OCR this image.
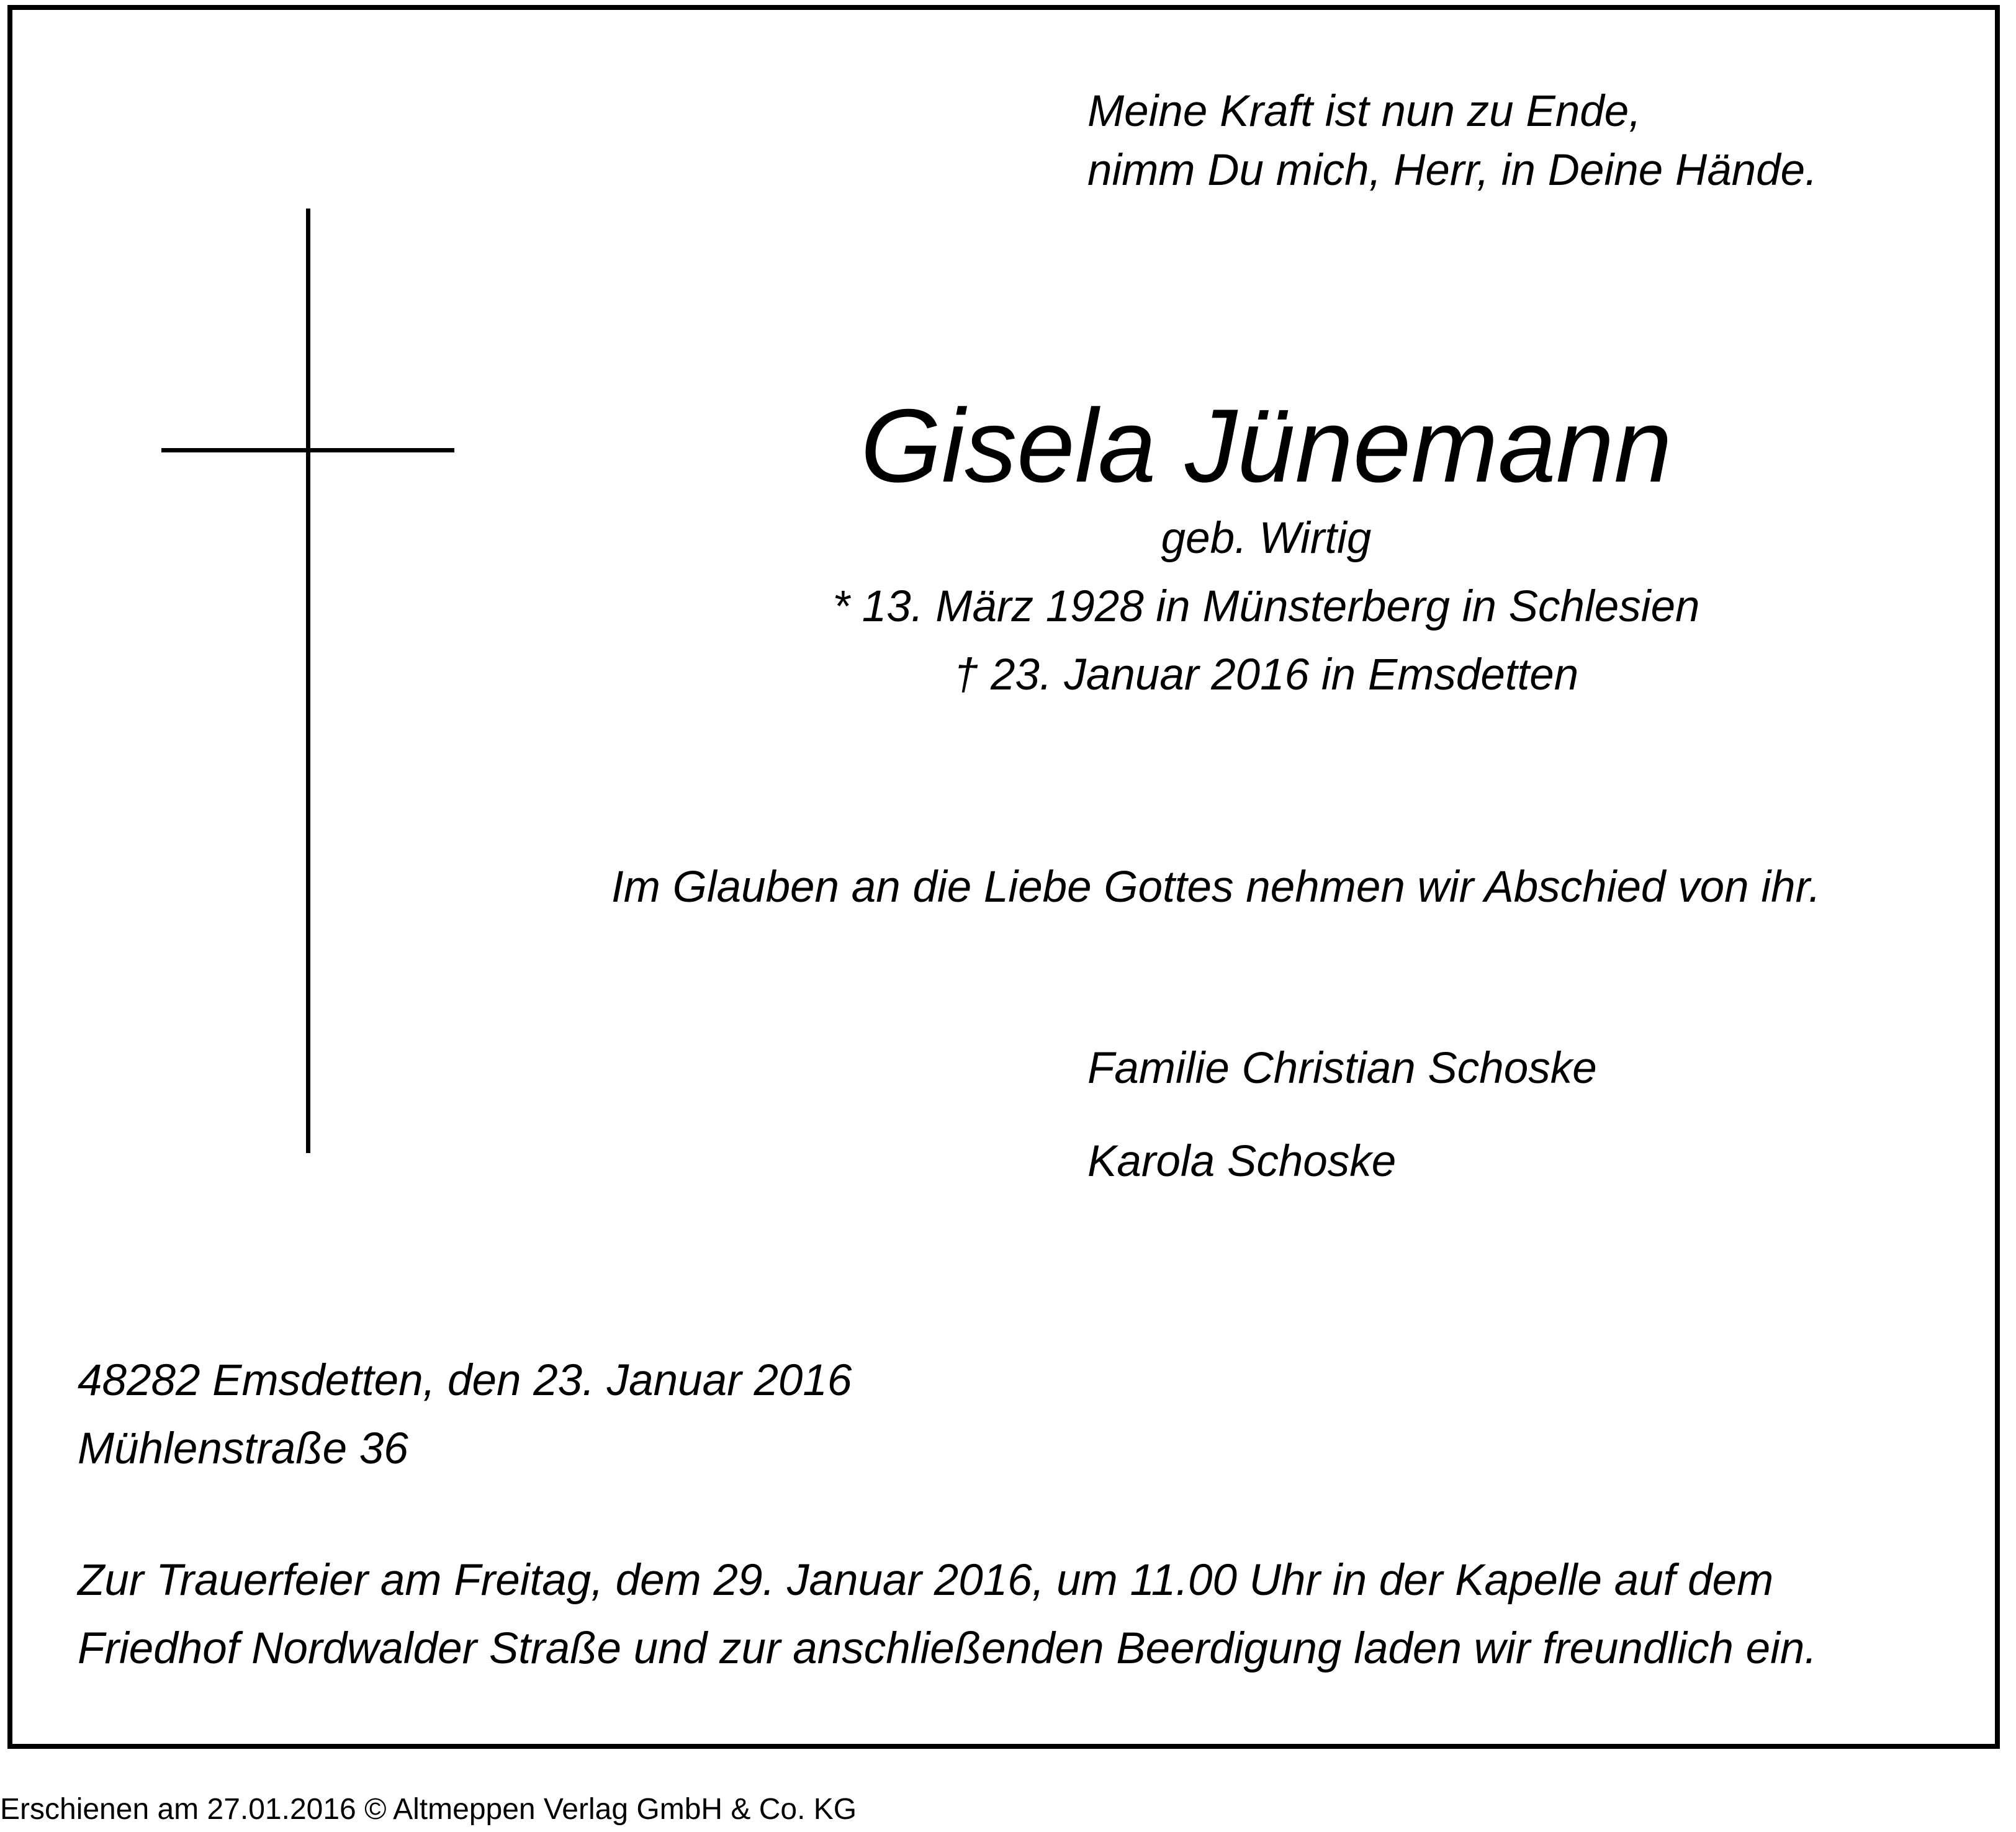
Meine Kraft ist nun zu Ende,
nimm Du mich, Herr, in Deine Hände.
Gisela Jünemann
geb. Wirtig
* 13. März 1928 in Münsterberg in Schlesien
† 23. Januar 2016 in Emsdetten
Im Glauben an die Liebe Gottes nehmen wir Abschied von ihr.
Familie Christian Schoske
Karola Schoske
48282 Emsdetten, den 23. Januar 2016
Mühlenstraße 36
Zur Trauerfeier am Freitag, dem 29. Januar 2016, um 11.00 Uhr in der Kapelle auf dem
Friedhof Nordwalder Straße und zur anschließenden Beerdigung laden wir freundlich ein.
Erschienen am 27.01.2016 © Altmeppen Verlag GmbH & Co. KG
